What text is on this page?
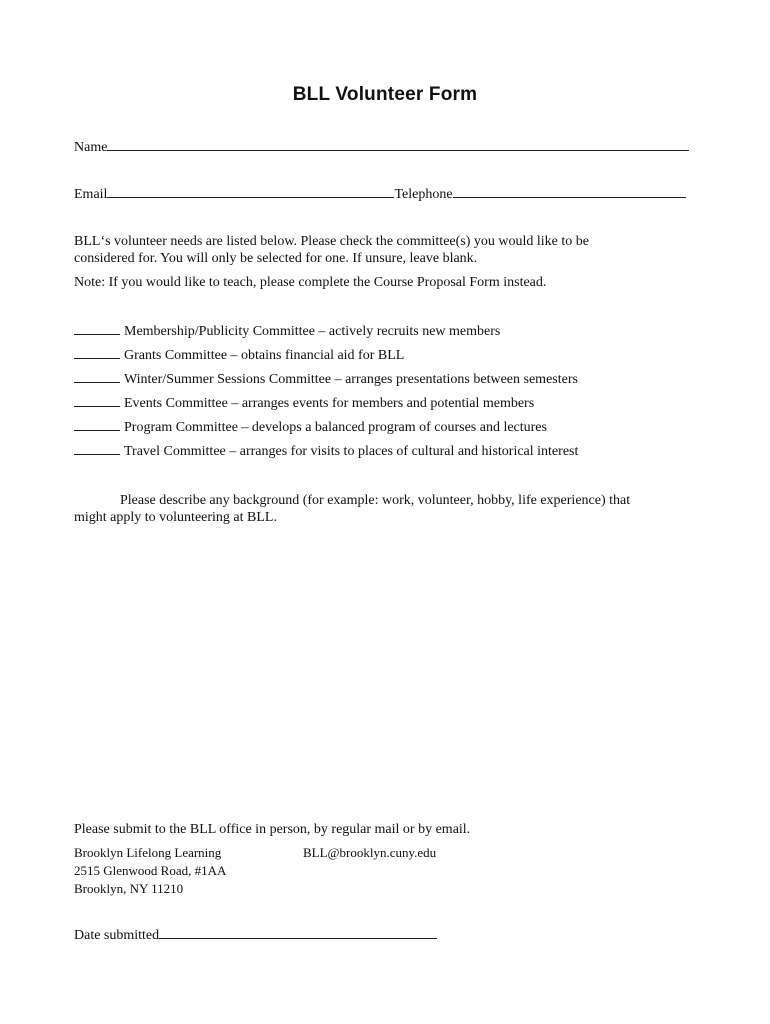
BLL Volunteer Form
Name
Email	Telephone
BLL‘s volunteer needs are listed below. Please check the committee(s) you would like to be
considered for. You will only be selected for one. If unsure, leave blank.
Note: If you would like to teach, please complete the Course Proposal Form instead.
Membership/Publicity Committee – actively recruits new members
Grants Committee – obtains financial aid for BLL
Winter/Summer Sessions Committee – arranges presentations between semesters
Events Committee – arranges events for members and potential members
Program Committee – develops a balanced program of courses and lectures
Travel Committee – arranges for visits to places of cultural and historical interest
Please describe any background (for example: work, volunteer, hobby, life experience) that
might apply to volunteering at BLL.
Please submit to the BLL office in person, by regular mail or by email.
Brooklyn Lifelong Learning
2515 Glenwood Road, #1AA
Brooklyn, NY 11210
BLL@brooklyn.cuny.edu
Date submitted
